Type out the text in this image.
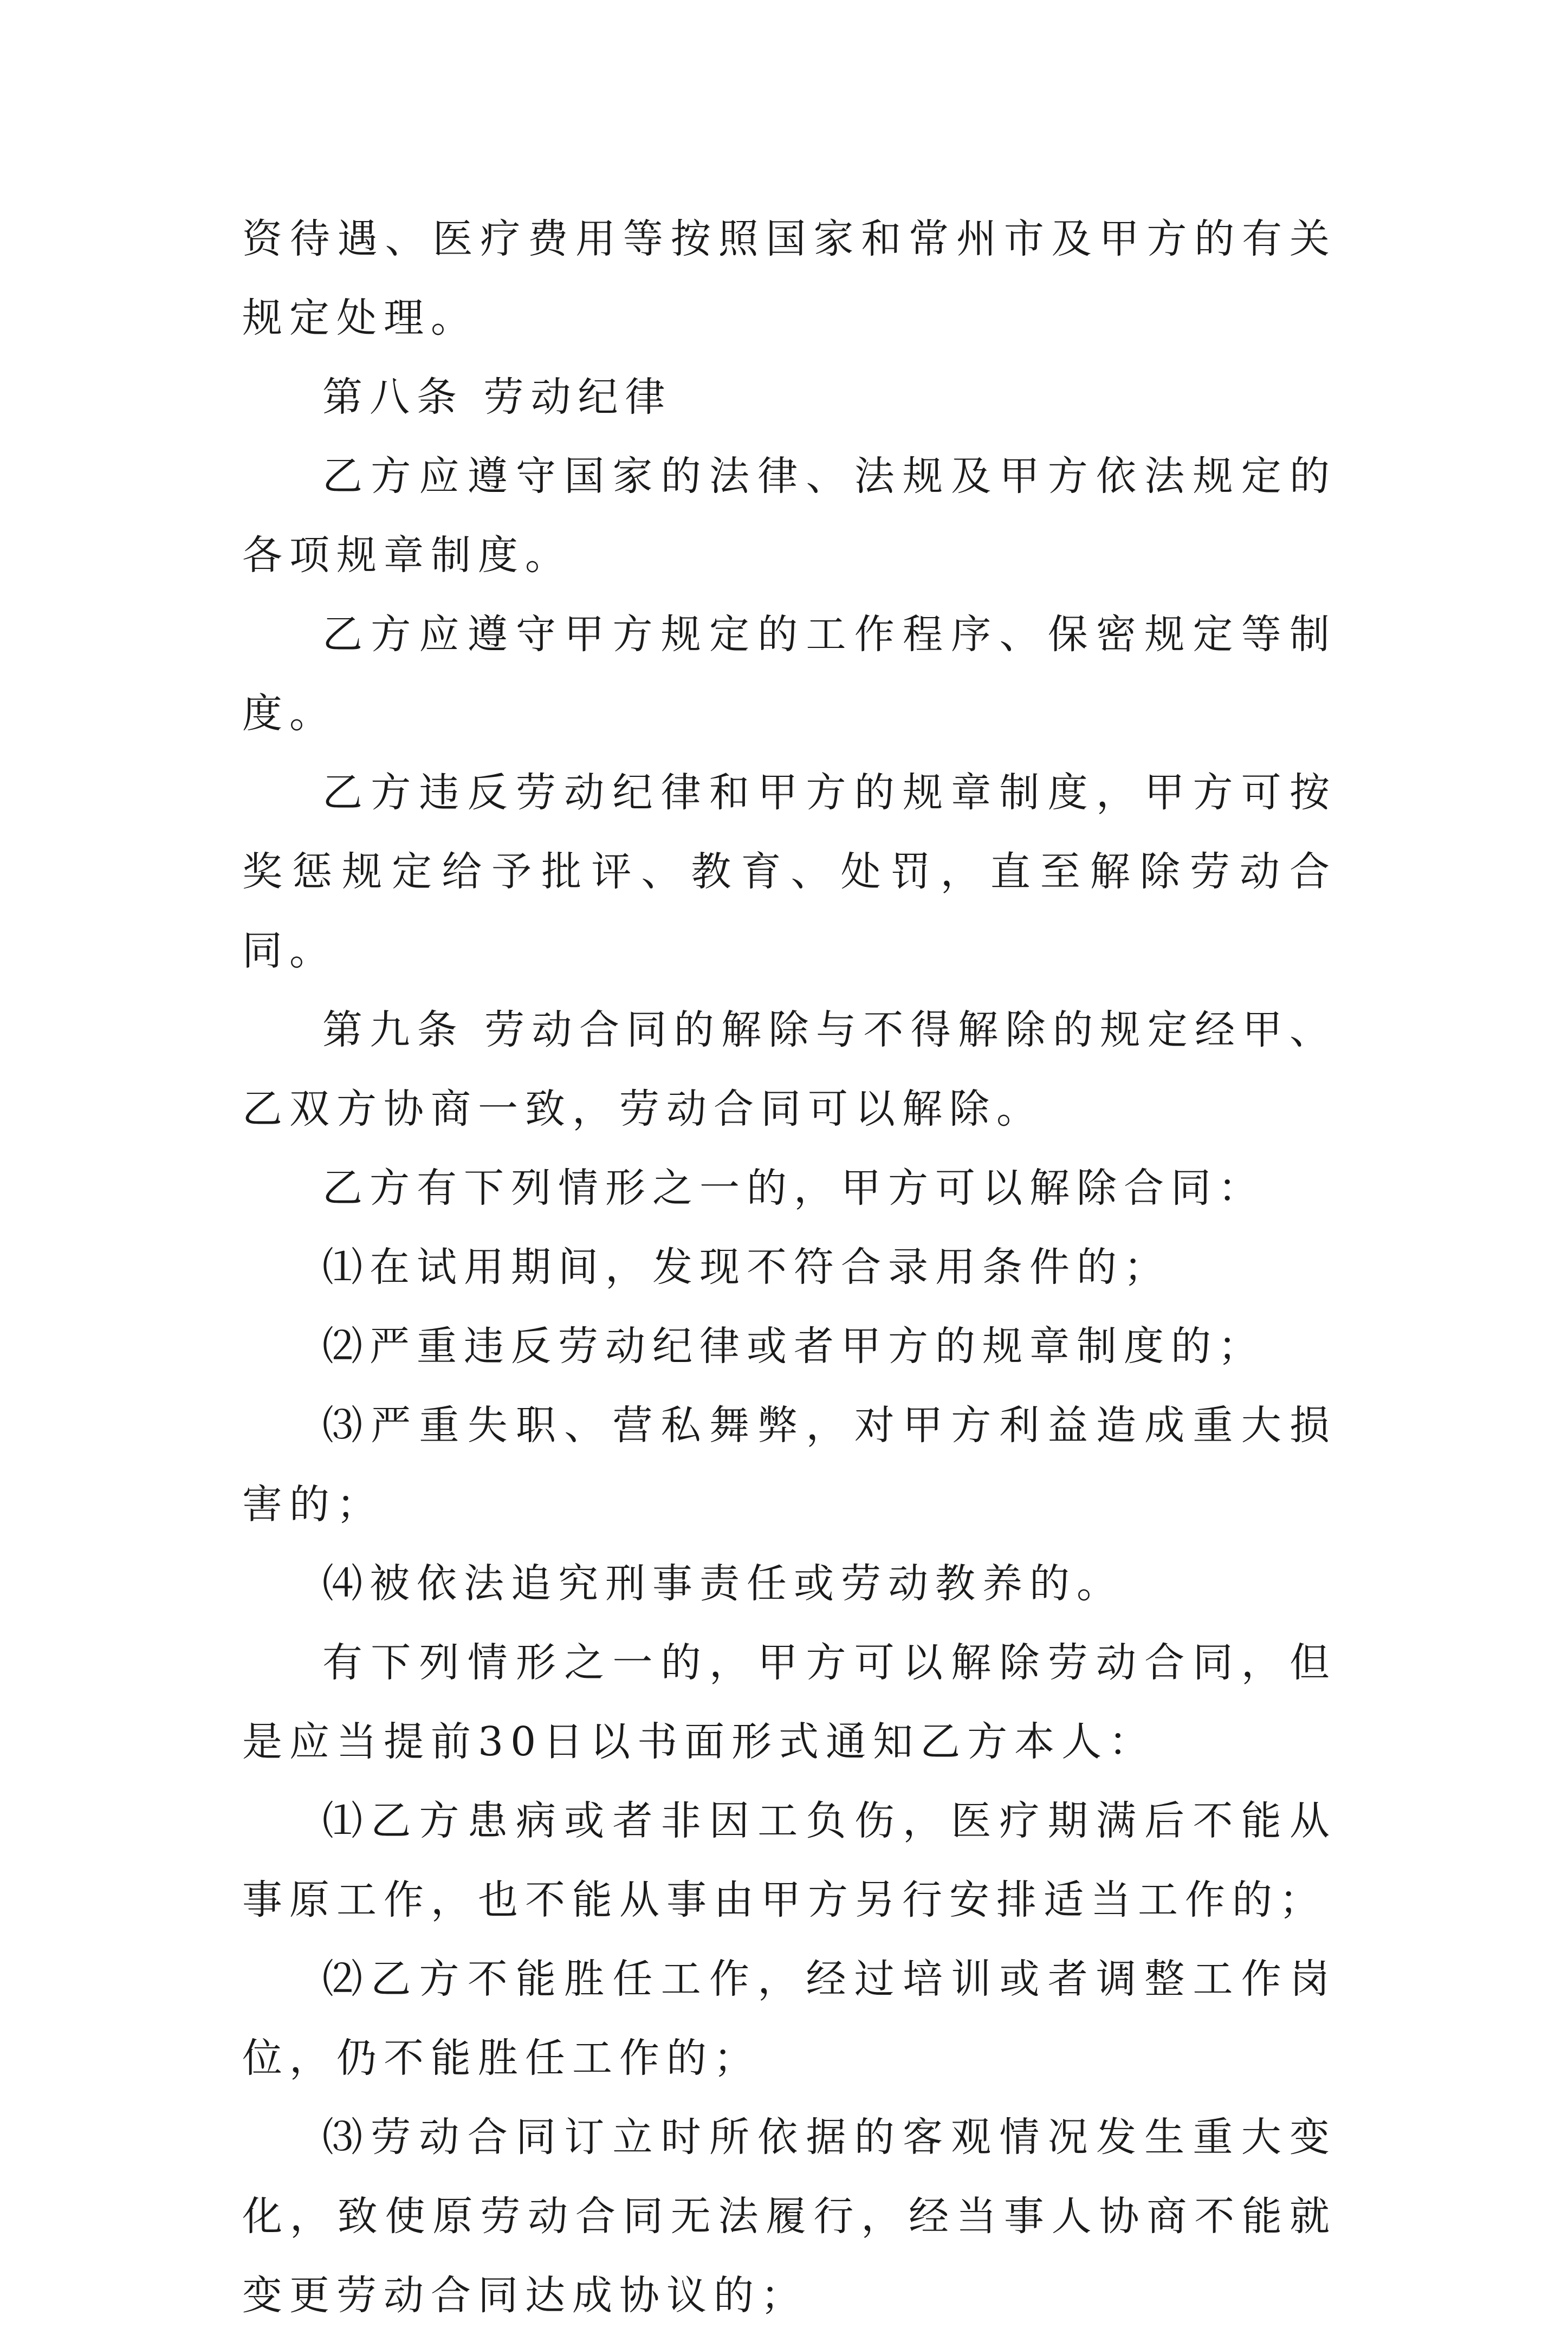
资待遇、医疗费用等按照国家和常州市及甲方的有关规定处理。

第八条 劳动纪律

乙方应遵守国家的法律、法规及甲方依法规定的各项规章制度。

乙方应遵守甲方规定的工作程序、保密规定等制度。

乙方违反劳动纪律和甲方的规章制度，甲方可按奖惩规定给予批评、教育、处罚，直至解除劳动合同。

第九条 劳动合同的解除与不得解除的规定经甲、乙双方协商一致，劳动合同可以解除。

乙方有下列情形之一的，甲方可以解除合同：

⑴在试用期间，发现不符合录用条件的；

⑵严重违反劳动纪律或者甲方的规章制度的；

⑶严重失职、营私舞弊，对甲方利益造成重大损害的；

⑷被依法追究刑事责任或劳动教养的。

有下列情形之一的，甲方可以解除劳动合同，但是应当提前30日以书面形式通知乙方本人：

⑴乙方患病或者非因工负伤，医疗期满后不能从事原工作，也不能从事由甲方另行安排适当工作的；

⑵乙方不能胜任工作，经过培训或者调整工作岗位，仍不能胜任工作的；

⑶劳动合同订立时所依据的客观情况发生重大变化，致使原劳动合同无法履行，经当事人协商不能就变更劳动合同达成协议的；
